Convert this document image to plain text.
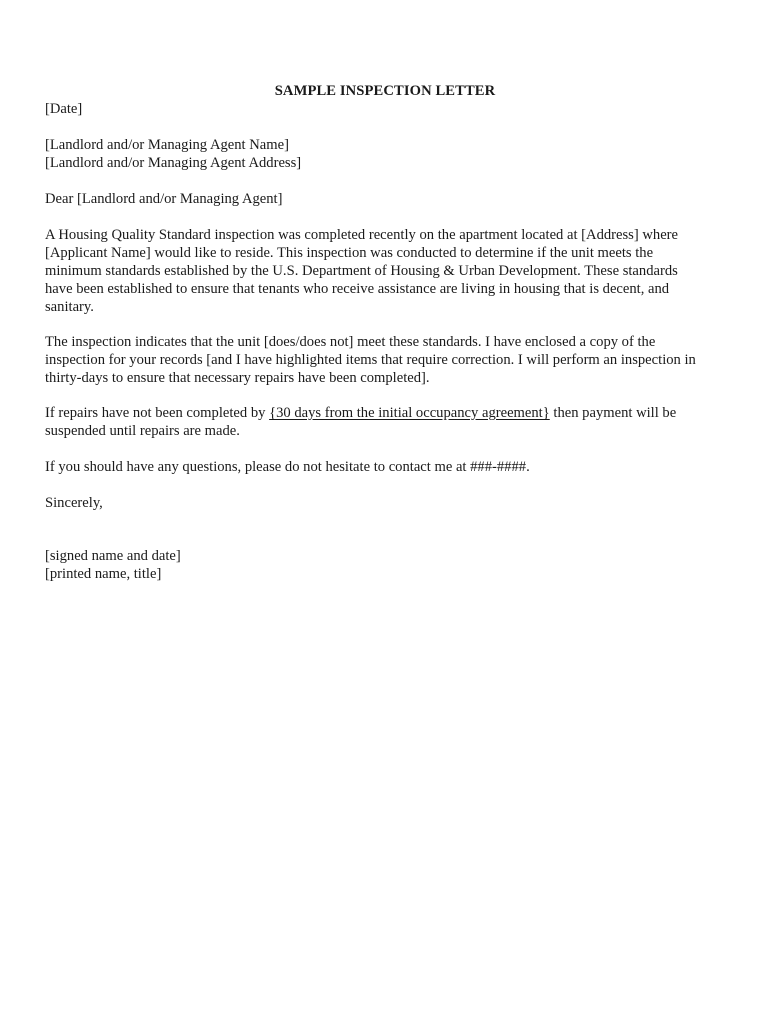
SAMPLE INSPECTION LETTER
[Date]
[Landlord and/or Managing Agent Name]
[Landlord and/or Managing Agent Address]
Dear [Landlord and/or Managing Agent]
A Housing Quality Standard inspection was completed recently on the apartment located at [Address] where
[Applicant Name] would like to reside. This inspection was conducted to determine if the unit meets the
minimum standards established by the U.S. Department of Housing & Urban Development. These standards
have been established to ensure that tenants who receive assistance are living in housing that is decent, and
sanitary.
The inspection indicates that the unit [does/does not] meet these standards. I have enclosed a copy of the
inspection for your records [and I have highlighted items that require correction. I will perform an inspection in
thirty-days to ensure that necessary repairs have been completed].
If repairs have not been completed by {30 days from the initial occupancy agreement} then payment will be
suspended until repairs are made.
If you should have any questions, please do not hesitate to contact me at ###-####.
Sincerely,
[signed name and date]
[printed name, title]
